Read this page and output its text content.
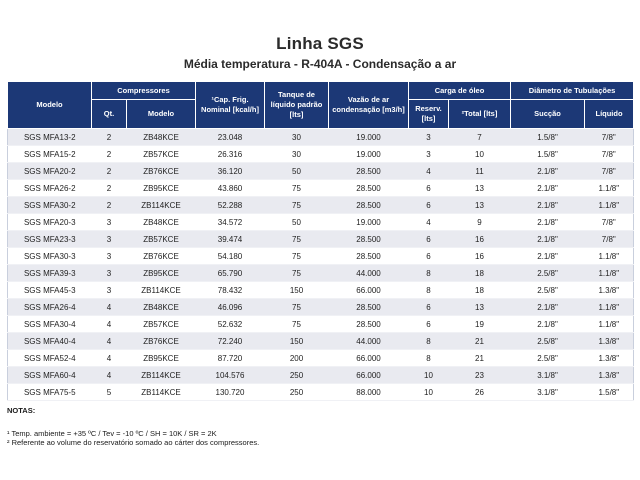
Linha SGS
Média temperatura - R-404A - Condensação a ar
Modelo	Compressores		¹Cap. Frig. Nominal [kcal/h]	Tanque de líquido padrão [lts]	Vazão de ar condensação [m3/h]	Carga de óleo		Diâmetro de Tubulações	
	Qt.	Modelo				Reserv. [lts]	²Total [lts]	Sucção	Líquido
SGS MFA13-2	2	ZB48KCE	23.048	30	19.000	3	7	1.5/8"	7/8"
SGS MFA15-2	2	ZB57KCE	26.316	30	19.000	3	10	1.5/8"	7/8"
SGS MFA20-2	2	ZB76KCE	36.120	50	28.500	4	11	2.1/8"	7/8"
SGS MFA26-2	2	ZB95KCE	43.860	75	28.500	6	13	2.1/8"	1.1/8"
SGS MFA30-2	2	ZB114KCE	52.288	75	28.500	6	13	2.1/8"	1.1/8"
SGS MFA20-3	3	ZB48KCE	34.572	50	19.000	4	9	2.1/8"	7/8"
SGS MFA23-3	3	ZB57KCE	39.474	75	28.500	6	16	2.1/8"	7/8"
SGS MFA30-3	3	ZB76KCE	54.180	75	28.500	6	16	2.1/8"	1.1/8"
SGS MFA39-3	3	ZB95KCE	65.790	75	44.000	8	18	2.5/8"	1.1/8"
SGS MFA45-3	3	ZB114KCE	78.432	150	66.000	8	18	2.5/8"	1.3/8"
SGS MFA26-4	4	ZB48KCE	46.096	75	28.500	6	13	2.1/8"	1.1/8"
SGS MFA30-4	4	ZB57KCE	52.632	75	28.500	6	19	2.1/8"	1.1/8"
SGS MFA40-4	4	ZB76KCE	72.240	150	44.000	8	21	2.5/8"	1.3/8"
SGS MFA52-4	4	ZB95KCE	87.720	200	66.000	8	21	2.5/8"	1.3/8"
SGS MFA60-4	4	ZB114KCE	104.576	250	66.000	10	23	3.1/8"	1.3/8"
SGS MFA75-5	5	ZB114KCE	130.720	250	88.000	10	26	3.1/8"	1.5/8"
NOTAS:
¹ Temp. ambiente = +35 ºC / Tev = -10 ºC / SH = 10K / SR = 2K
² Referente ao volume do reservatório somado ao cárter dos compressores.
